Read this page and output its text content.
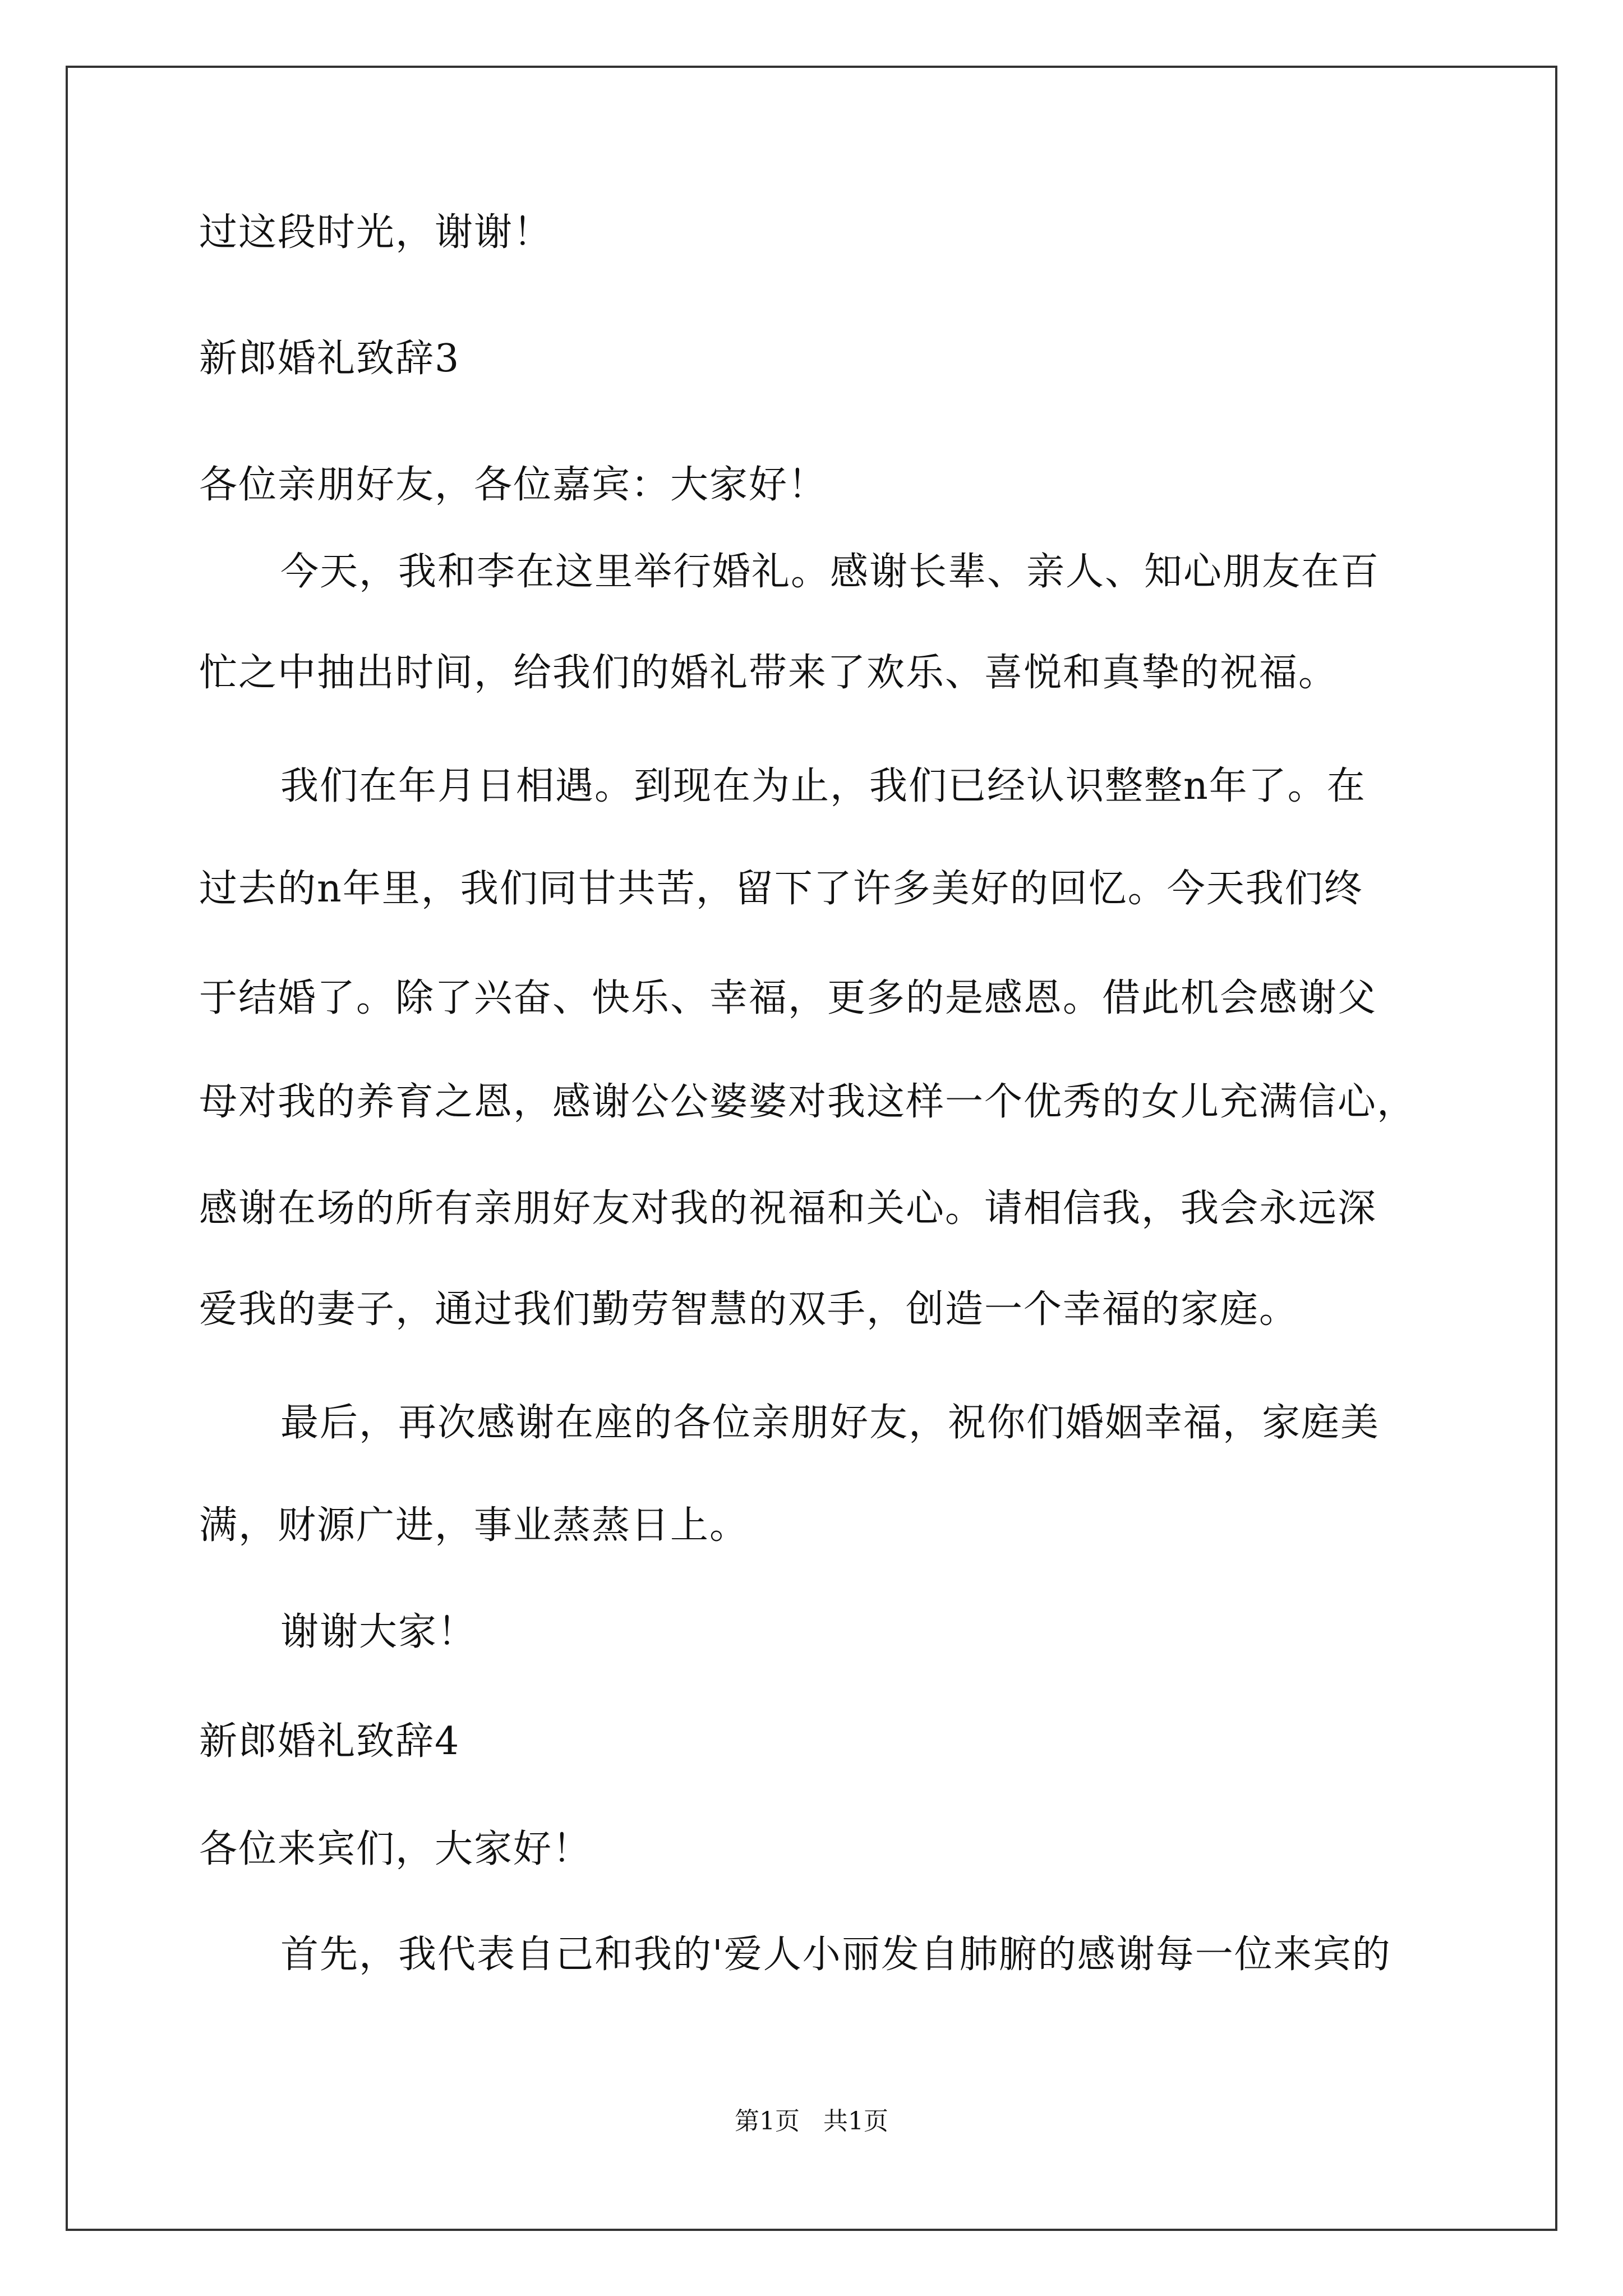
过这段时光，谢谢！
新郎婚礼致辞3
各位亲朋好友，各位嘉宾：大家好！
今天，我和李在这里举行婚礼。感谢长辈、亲人、知心朋友在百
忙之中抽出时间，给我们的婚礼带来了欢乐、喜悦和真挚的祝福。
我们在年月日相遇。到现在为止，我们已经认识整整n年了。在
过去的n年里，我们同甘共苦，留下了许多美好的回忆。今天我们终
于结婚了。除了兴奋、快乐、幸福，更多的是感恩。借此机会感谢父
母对我的养育之恩，感谢公公婆婆对我这样一个优秀的女儿充满信心，
感谢在场的所有亲朋好友对我的祝福和关心。请相信我，我会永远深
爱我的妻子，通过我们勤劳智慧的双手，创造一个幸福的家庭。
最后，再次感谢在座的各位亲朋好友，祝你们婚姻幸福，家庭美
满，财源广进，事业蒸蒸日上。
谢谢大家！
新郎婚礼致辞4
各位来宾们，大家好！
首先，我代表自己和我的'爱人小丽发自肺腑的感谢每一位来宾的
第1页   共1页
